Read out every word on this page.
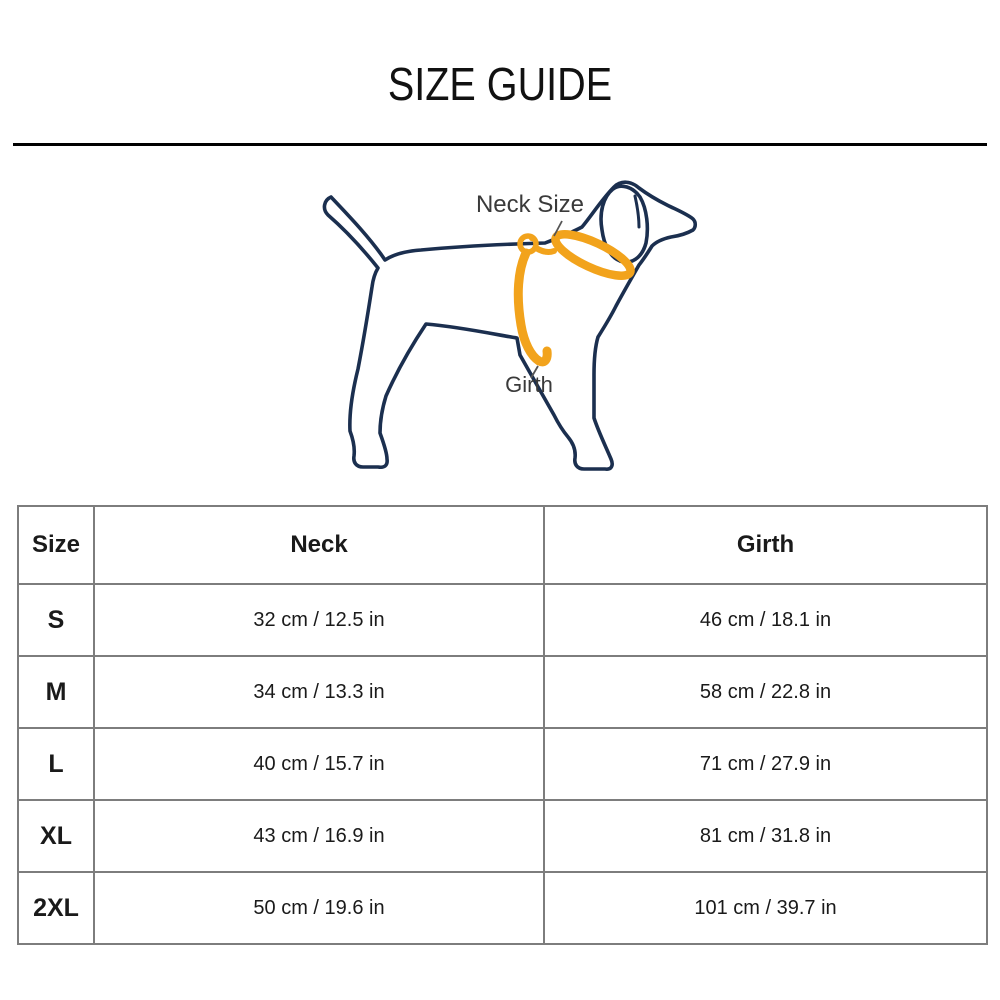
SIZE GUIDE
Neck Size
Girth
Size	Neck	Girth
S	32 cm / 12.5 in	46 cm / 18.1 in
M	34 cm / 13.3 in	58 cm / 22.8 in
L	40 cm / 15.7 in	71 cm / 27.9 in
XL	43 cm / 16.9 in	81 cm / 31.8 in
2XL	50 cm / 19.6 in	101 cm / 39.7 in
